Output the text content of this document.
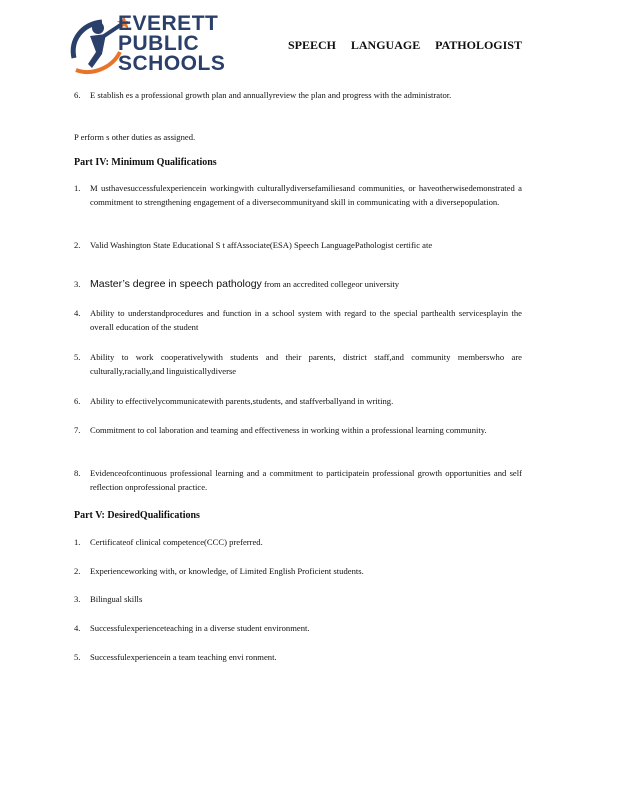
EVERETT
PUBLIC
SCHOOLS
SPEECH LANGUAGE PATHOLOGIST
6. E stablish es a professional growth plan and annuallyreview the plan and progress with the administrator.
P erform s other duties as assigned.
Part IV: Minimum Qualifications
1. M usthavesuccessfulexperiencein workingwith culturallydiversefamiliesand communities, or haveotherwisedemonstrated a commitment to strengthening engagement of a diversecommunityand skill in communicating with a diversepopulation.
2. Valid Washington State Educational S t affAssociate(ESA) Speech LanguagePathologist certific ate
3. Master’s degree in speech pathology from an accredited collegeor university
4. Ability to understandprocedures and function in a school system with regard to the special parthealth servicesplayin the overall education of the student
5. Ability to work cooperativelywith students and their parents, district staff,and community memberswho are culturally,racially,and linguisticallydiverse
6. Ability to effectivelycommunicatewith parents,students, and staffverballyand in writing.
7. Commitment to col laboration and teaming and effectiveness in working within a professional learning community.
8. Evidenceofcontinuous professional learning and a commitment to participatein professional growth opportunities and self reflection onprofessional practice.
Part V: DesiredQualifications
1. Certificateof clinical competence(CCC) preferred.
2. Experienceworking with, or knowledge, of Limited English Proficient students.
3. Bilingual skills
4. Successfulexperienceteaching in a diverse student environment.
5. Successfulexperiencein a team teaching envi ronment.
